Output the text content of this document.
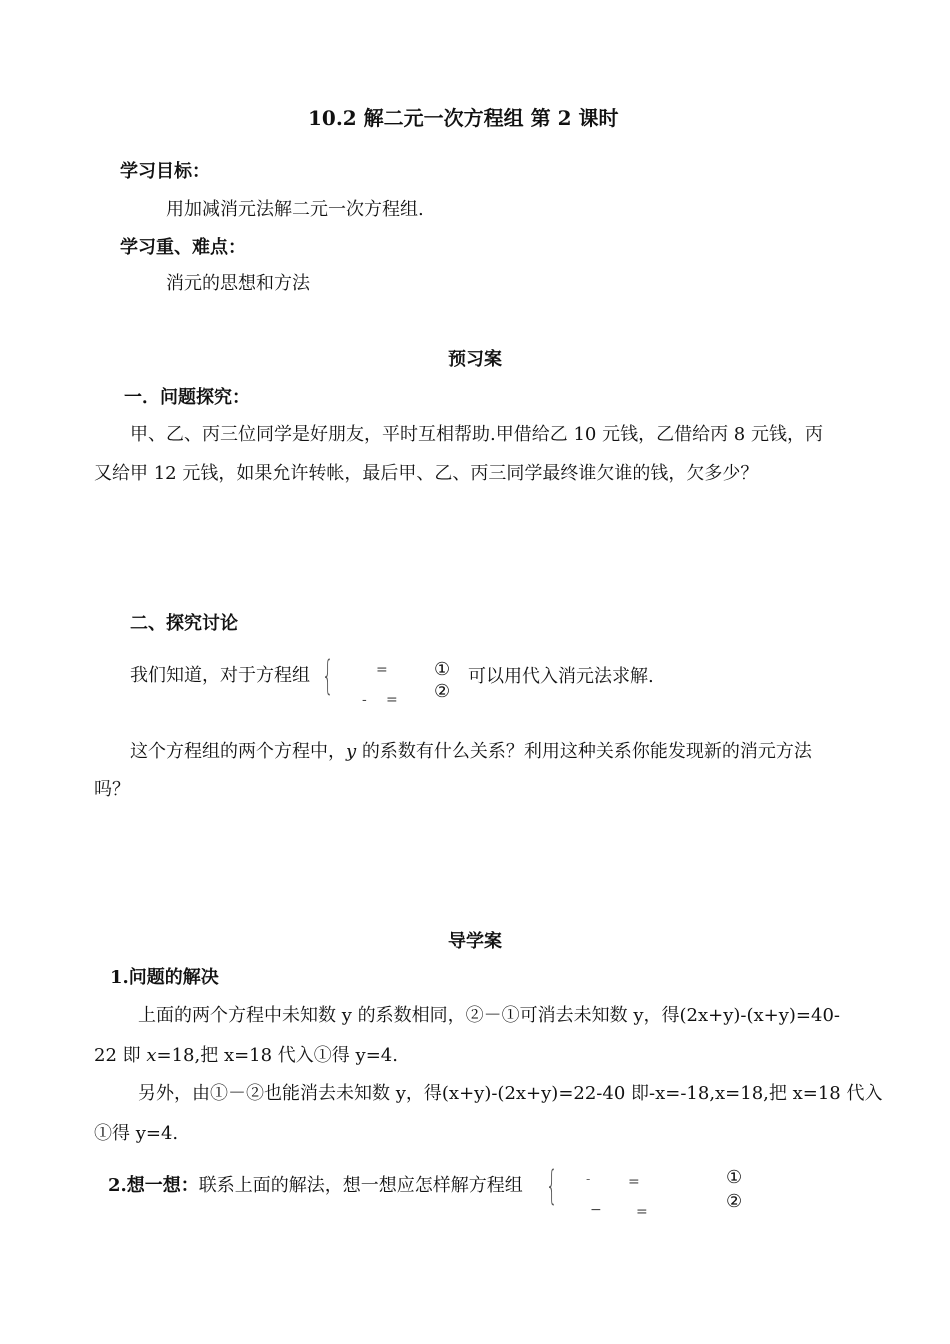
10.2 解二元一次方程组 第 2 课时
学习目标：
用加减消元法解二元一次方程组.
学习重、难点：
消元的思想和方法
预习案
一．问题探究：
甲、乙、丙三位同学是好朋友，平时互相帮助.甲借给乙 10 元钱，乙借给丙 8 元钱，丙
又给甲 12 元钱，如果允许转帐，最后甲、乙、丙三同学最终谁欠谁的钱，欠多少？
二、探究讨论
我们知道，对于方程组 {	=
- =
①
②
可以用代入消元法求解.
这个方程组的两个方程中，y 的系数有什么关系？利用这种关系你能发现新的消元方法
吗？
导学案
1.问题的解决
上面的两个方程中未知数 y 的系数相同，②－①可消去未知数 y，得(2x+y)-(x+y)=40-
22 即 x=18,把 x=18 代入①得 y=4.
另外，由①－②也能消去未知数 y，得(x+y)-(2x+y)=22-40 即-x=-18,x=18,把 x=18 代入
①得 y=4.
2.想一想：联系上面的解法，想一想应怎样解方程组 { -	=
− =
①
②
